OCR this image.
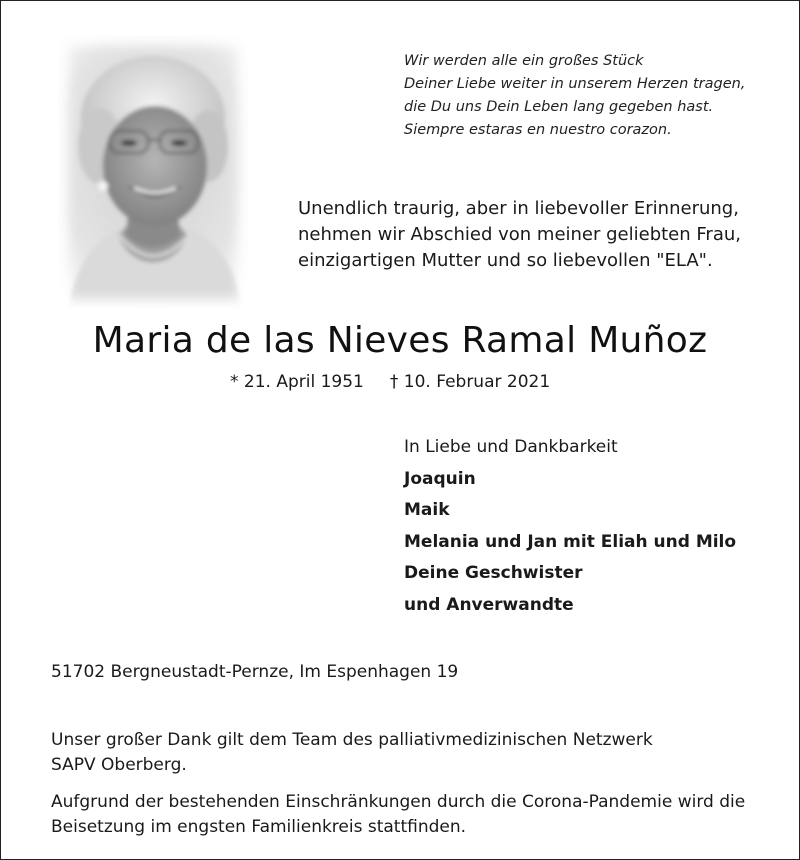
Wir werden alle ein großes Stück
Deiner Liebe weiter in unserem Herzen tragen,
die Du uns Dein Leben lang gegeben hast.
Siempre estaras en nuestro corazon.
Unendlich traurig, aber in liebevoller Erinnerung,
nehmen wir Abschied von meiner geliebten Frau,
einzigartigen Mutter und so liebevollen "ELA".
Maria de las Nieves Ramal Muñoz
* 21. April 1951 † 10. Februar 2021
In Liebe und Dankbarkeit
Joaquin
Maik
Melania und Jan mit Eliah und Milo
Deine Geschwister
und Anverwandte
51702 Bergneustadt-Pernze, Im Espenhagen 19
Unser großer Dank gilt dem Team des palliativmedizinischen Netzwerk
SAPV Oberberg.
Aufgrund der bestehenden Einschränkungen durch die Corona-Pandemie wird die
Beisetzung im engsten Familienkreis stattfinden.
